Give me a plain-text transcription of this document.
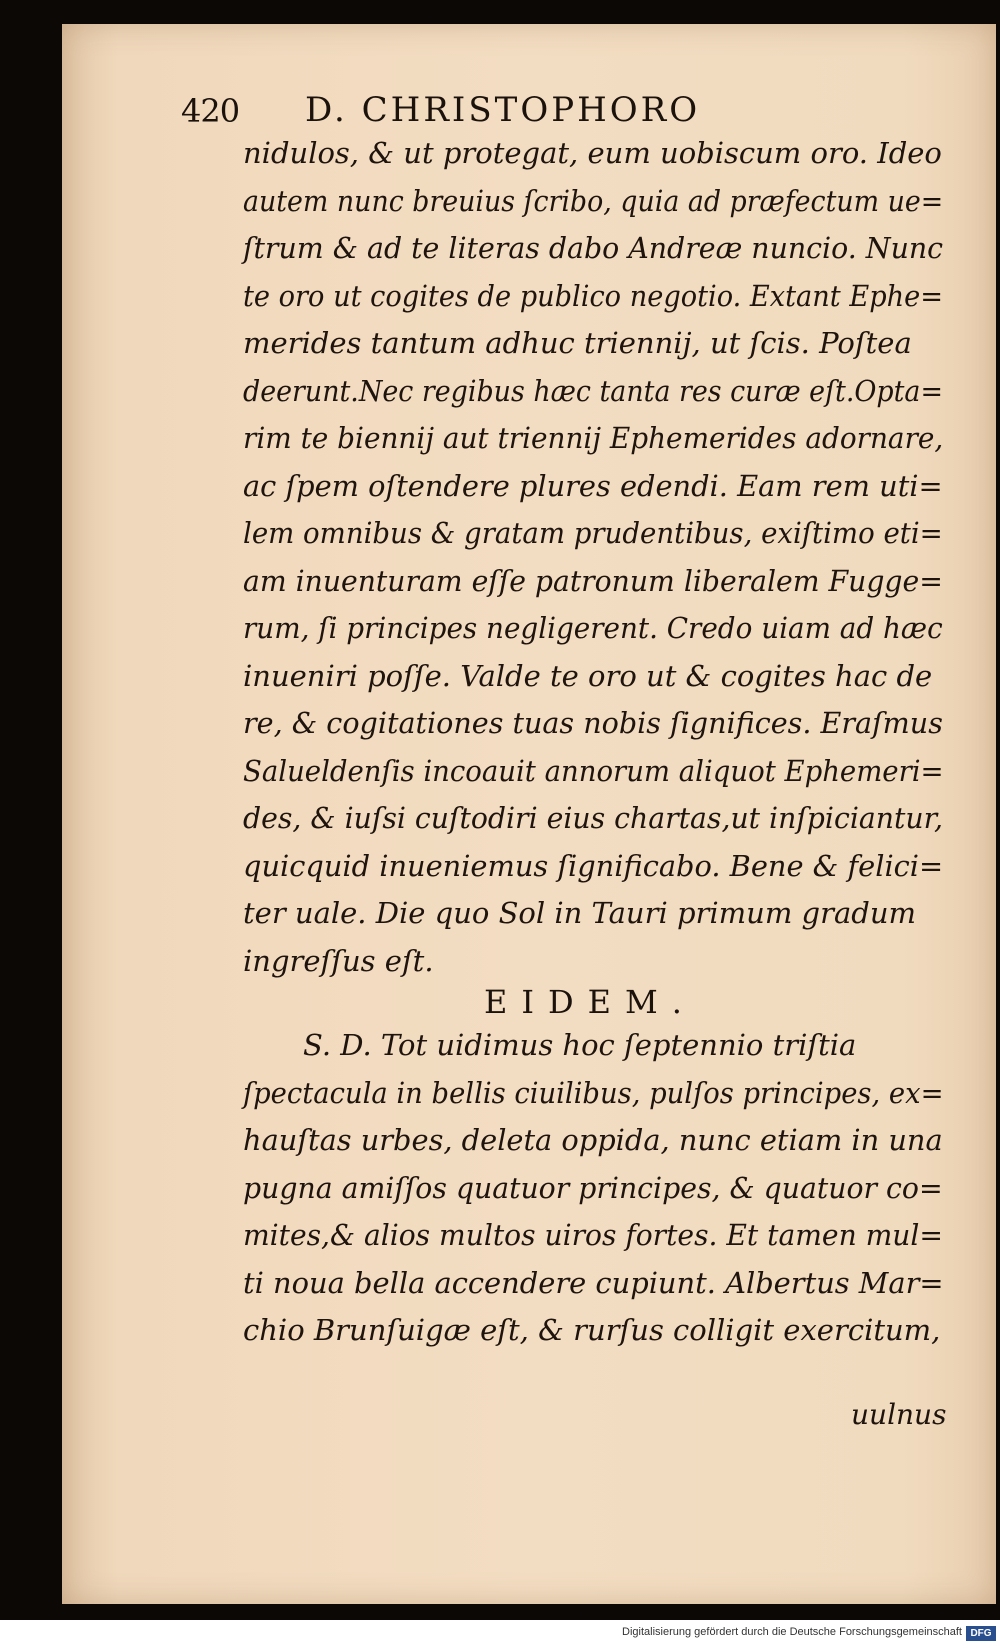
420 D. CHRISTOPHORO
nidulos, & ut protegat, eum uobiscum oro. Ideo
autem nunc breuius ſcribo, quia ad præfectum ue=
ſtrum & ad te literas dabo Andreæ nuncio. Nunc
te oro ut cogites de publico negotio. Extant Ephe=
merides tantum adhuc triennij, ut ſcis. Poſtea
deerunt.Nec regibus hæc tanta res curæ eſt.Opta=
rim te biennij aut triennij Ephemerides adornare,
ac ſpem oſtendere plures edendi. Eam rem uti=
lem omnibus & gratam prudentibus, exiſtimo eti=
am inuenturam eſſe patronum liberalem Fugge=
rum, ſi principes negligerent. Credo uiam ad hæc
inueniri poſſe. Valde te oro ut & cogites hac de
re, & cogitationes tuas nobis ſignifices. Eraſmus
Salueldenſis incoauit annorum aliquot Ephemeri=
des, & iuſsi cuſtodiri eius chartas,ut inſpiciantur,
quicquid inueniemus ſignificabo. Bene & felici=
ter uale. Die quo Sol in Tauri primum gradum
ingreſſus eſt.
EIDEM.
S. D. Tot uidimus hoc ſeptennio triſtia
ſpectacula in bellis ciuilibus, pulſos principes, ex=
hauſtas urbes, deleta oppida, nunc etiam in una
pugna amiſſos quatuor principes, & quatuor co=
mites,& alios multos uiros fortes. Et tamen mul=
ti noua bella accendere cupiunt. Albertus Mar=
chio Brunſuigæ eſt, & rurſus colligit exercitum,
uulnus
Digitalisierung gefördert durch die Deutsche Forschungsgemeinschaft DFG
